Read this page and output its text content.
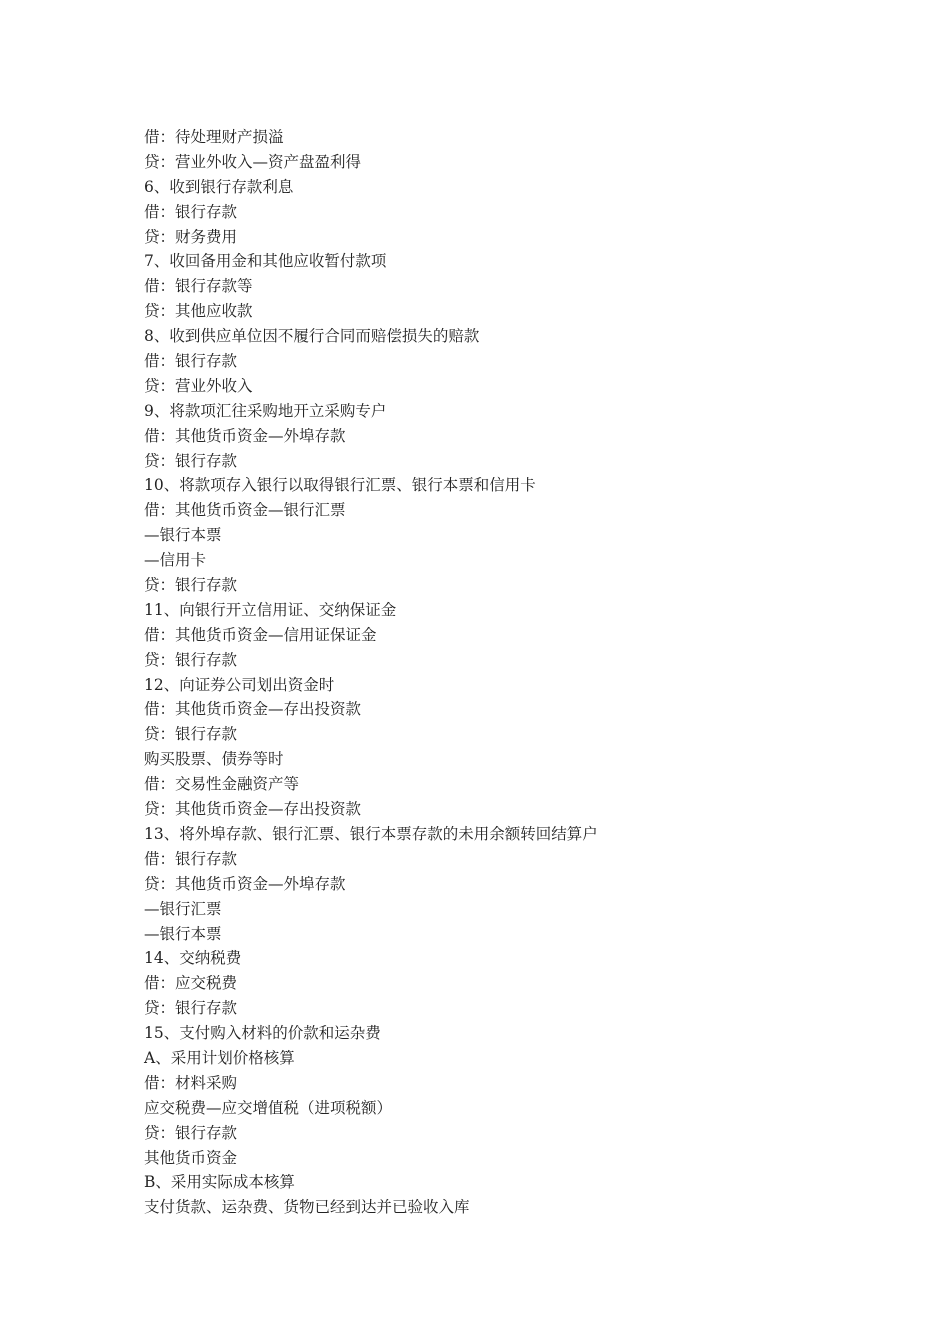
借：待处理财产损溢
贷：营业外收入—资产盘盈利得
6、收到银行存款利息
借：银行存款
贷：财务费用
7、收回备用金和其他应收暂付款项
借：银行存款等
贷：其他应收款
8、收到供应单位因不履行合同而赔偿损失的赔款
借：银行存款
贷：营业外收入
9、将款项汇往采购地开立采购专户
借：其他货币资金—外埠存款
贷：银行存款
10、将款项存入银行以取得银行汇票、银行本票和信用卡
借：其他货币资金—银行汇票
—银行本票
—信用卡
贷：银行存款
11、向银行开立信用证、交纳保证金
借：其他货币资金—信用证保证金
贷：银行存款
12、向证券公司划出资金时
借：其他货币资金—存出投资款
贷：银行存款
购买股票、债券等时
借：交易性金融资产等
贷：其他货币资金—存出投资款
13、将外埠存款、银行汇票、银行本票存款的未用余额转回结算户
借：银行存款
贷：其他货币资金—外埠存款
—银行汇票
—银行本票
14、交纳税费
借：应交税费
贷：银行存款
15、支付购入材料的价款和运杂费
A、采用计划价格核算
借：材料采购
应交税费—应交增值税（进项税额）
贷：银行存款
其他货币资金
B、采用实际成本核算
支付货款、运杂费、货物已经到达并已验收入库
